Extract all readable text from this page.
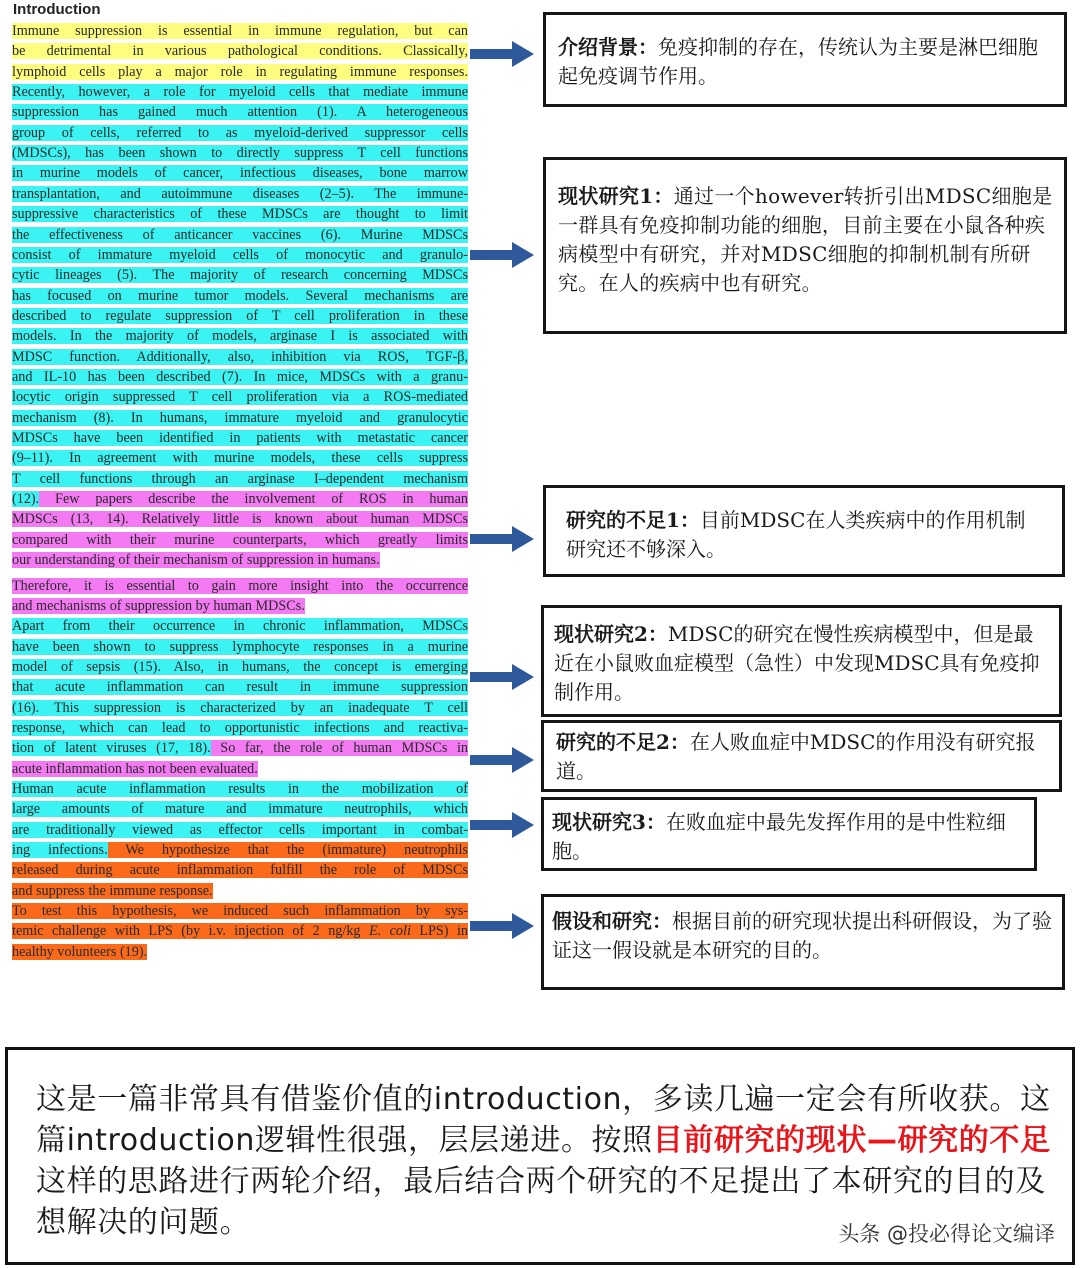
Introduction
Immune suppression is essential in immune regulation, but can
be detrimental in various pathological conditions. Classically,
lymphoid cells play a major role in regulating immune responses.
Recently, however, a role for myeloid cells that mediate immune
suppression has gained much attention (1). A heterogeneous
group of cells, referred to as myeloid-derived suppressor cells
(MDSCs), has been shown to directly suppress T cell functions
in murine models of cancer, infectious diseases, bone marrow
transplantation, and autoimmune diseases (2–5). The immune-
suppressive characteristics of these MDSCs are thought to limit
the effectiveness of anticancer vaccines (6). Murine MDSCs
consist of immature myeloid cells of monocytic and granulo-
cytic lineages (5). The majority of research concerning MDSCs
has focused on murine tumor models. Several mechanisms are
described to regulate suppression of T cell proliferation in these
models. In the majority of models, arginase I is associated with
MDSC function. Additionally, also, inhibition via ROS, TGF-β,
and IL-10 has been described (7). In mice, MDSCs with a granu-
locytic origin suppressed T cell proliferation via a ROS-mediated
mechanism (8). In humans, immature myeloid and granulocytic
MDSCs have been identified in patients with metastatic cancer
(9–11). In agreement with murine models, these cells suppress
T cell functions through an arginase I–dependent mechanism
(12). Few papers describe the involvement of ROS in human
MDSCs (13, 14). Relatively little is known about human MDSCs
compared with their murine counterparts, which greatly limits
our understanding of their mechanism of suppression in humans.
Therefore, it is essential to gain more insight into the occurrence
and mechanisms of suppression by human MDSCs.
Apart from their occurrence in chronic inflammation, MDSCs
have been shown to suppress lymphocyte responses in a murine
model of sepsis (15). Also, in humans, the concept is emerging
that acute inflammation can result in immune suppression
(16). This suppression is characterized by an inadequate T cell
response, which can lead to opportunistic infections and reactiva-
tion of latent viruses (17, 18). So far, the role of human MDSCs in
acute inflammation has not been evaluated.
Human acute inflammation results in the mobilization of
large amounts of mature and immature neutrophils, which
are traditionally viewed as effector cells important in combat-
ing infections. We hypothesize that the (immature) neutrophils
released during acute inflammation fulfill the role of MDSCs
and suppress the immune response.
To test this hypothesis, we induced such inflammation by sys-
temic challenge with LPS (by i.v. injection of 2 ng/kg E. coli LPS) in
healthy volunteers (19).
介绍背景：免疫抑制的存在，传统认为主要是淋巴细胞起免疫调节作用。
现状研究1：通过一个however转折引出MDSC细胞是一群具有免疫抑制功能的细胞，目前主要在小鼠各种疾病模型中有研究，并对MDSC细胞的抑制机制有所研究。在人的疾病中也有研究。
研究的不足1：目前MDSC在人类疾病中的作用机制研究还不够深入。
现状研究2：MDSC的研究在慢性疾病模型中，但是最近在小鼠败血症模型（急性）中发现MDSC具有免疫抑制作用。
研究的不足2：在人败血症中MDSC的作用没有研究报道。
现状研究3：在败血症中最先发挥作用的是中性粒细胞。
假设和研究：根据目前的研究现状提出科研假设，为了验证这一假设就是本研究的目的。
这是一篇非常具有借鉴价值的introduction，多读几遍一定会有所收获。这篇introduction逻辑性很强，层层递进。按照目前研究的现状—研究的不足这样的思路进行两轮介绍，最后结合两个研究的不足提出了本研究的目的及想解决的问题。	头条 @投必得论文编译
